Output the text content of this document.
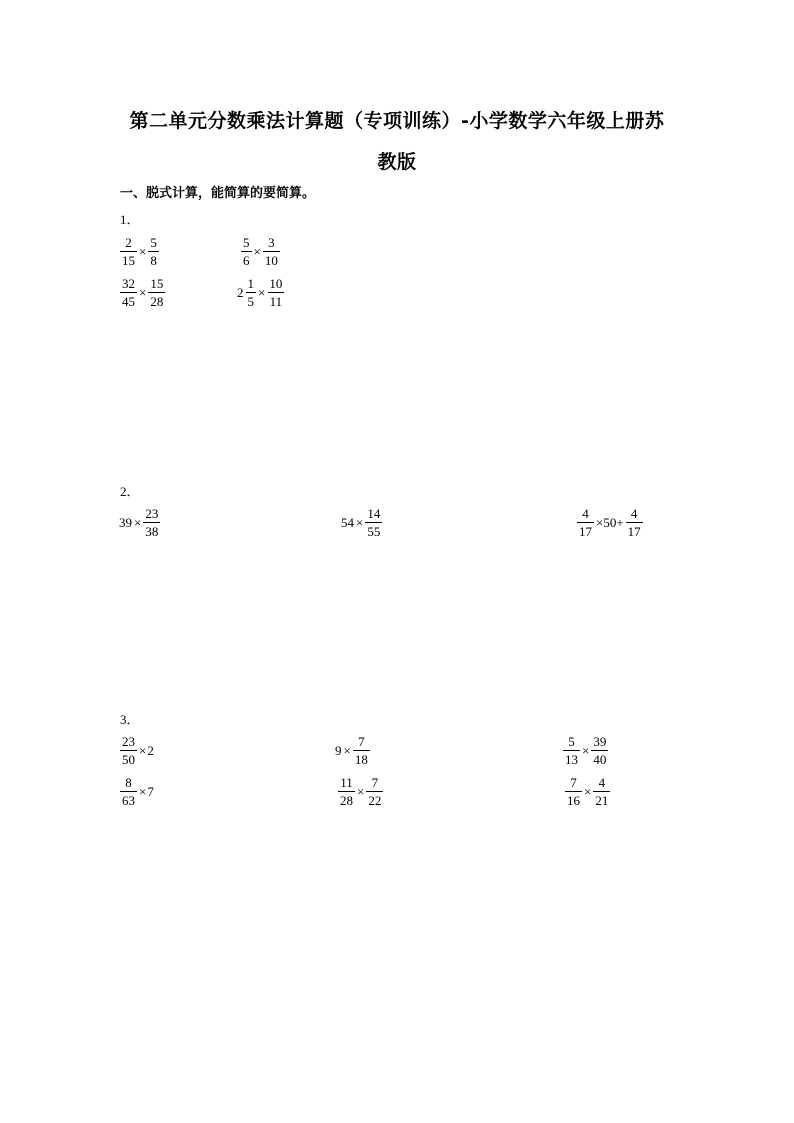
第二单元分数乘法计算题（专项训练）-小学数学六年级上册苏
教版
一、脱式计算，能简算的要简算。
1．
$\frac{2}{15} \times \frac{5}{8}$	$\frac{5}{6} \times \frac{3}{10}$
$\frac{32}{45} \times \frac{15}{28}$	$2 \frac{1}{5} \times \frac{10}{11}$
2．
$39 \times \frac{23}{38}$	$54 \times \frac{14}{55}$	$\frac{4}{17} \times 50+ \frac{4}{17}$
3．
$\frac{23}{50} \times 2$	$9 \times \frac{7}{18}$	$\frac{5}{13} \times \frac{39}{40}$
$\frac{8}{63} \times 7$	$\frac{11}{28} \times \frac{7}{22}$	$\frac{7}{16} \times \frac{4}{21}$
